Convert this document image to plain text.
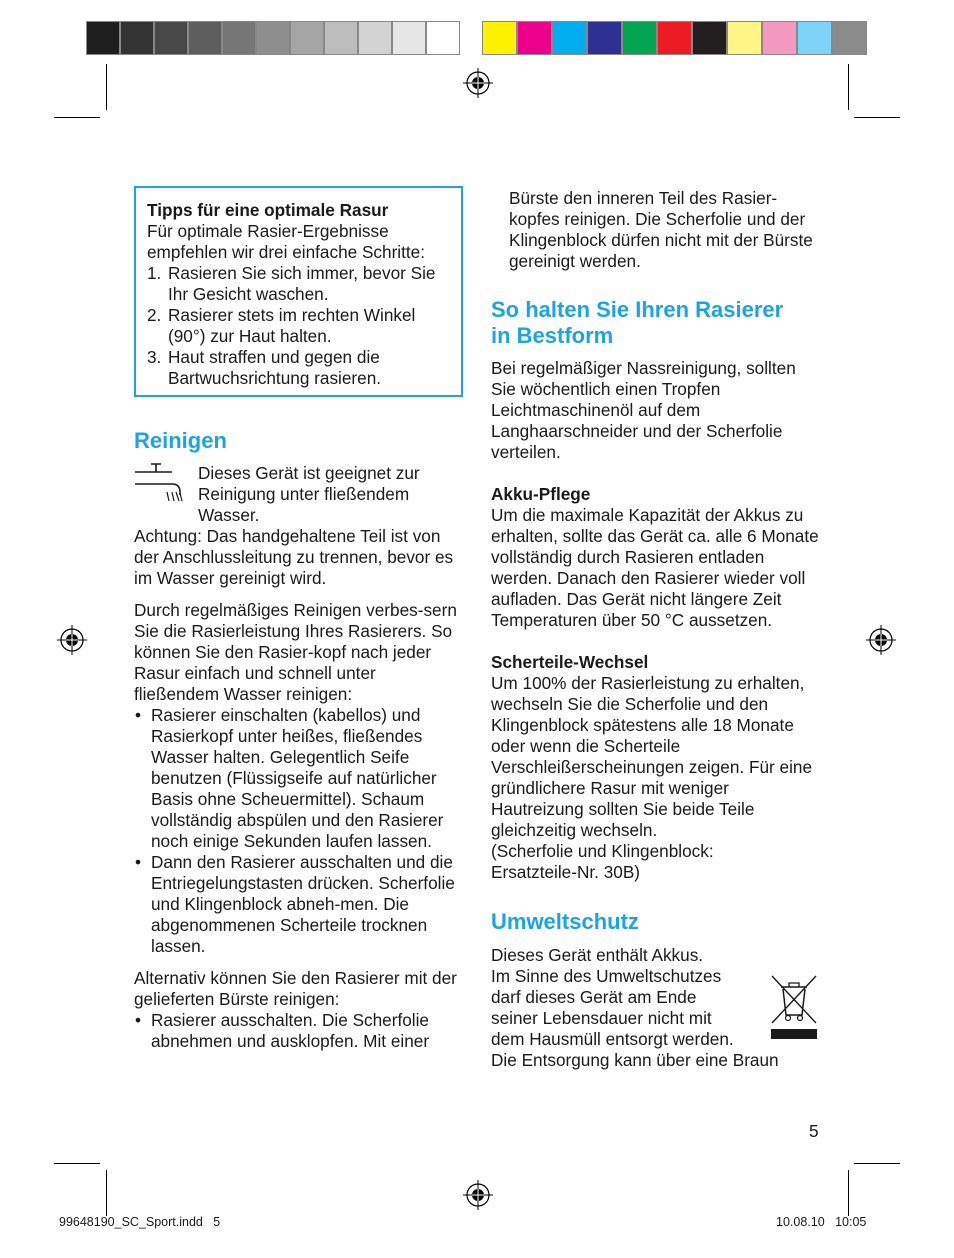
Tipps für eine optimale Rasur

Für optimale Rasier-Ergebnisse empfehlen wir drei einfache Schritte:

1. Rasieren Sie sich immer, bevor Sie Ihr Gesicht waschen.
2. Rasierer stets im rechten Winkel (90°) zur Haut halten.
3. Haut straffen und gegen die Bartwuchsrichtung rasieren.
Reinigen

Dieses Gerät ist geeignet zur Reinigung unter fließendem Wasser.

Achtung: Das handgehaltene Teil ist von der Anschlussleitung zu trennen, bevor es im Wasser gereinigt wird.

Durch regelmäßiges Reinigen verbes-sern Sie die Rasierleistung Ihres Rasierers. So können Sie den Rasier-kopf nach jeder Rasur einfach und schnell unter fließendem Wasser reinigen:

• Rasierer einschalten (kabellos) und Rasierkopf unter heißes, fließendes Wasser halten. Gelegentlich Seife benutzen (Flüssigseife auf natürlicher Basis ohne Scheuermittel). Schaum vollständig abspülen und den Rasierer noch einige Sekunden laufen lassen.
• Dann den Rasierer ausschalten und die Entriegelungstasten drücken. Scherfolie und Klingenblock abneh-men. Die abgenommenen Scherteile trocknen lassen.

Alternativ können Sie den Rasierer mit der gelieferten Bürste reinigen:

• Rasierer ausschalten. Die Scherfolie abnehmen und ausklopfen. Mit einer

Bürste den inneren Teil des Rasier-kopfes reinigen. Die Scherfolie und der Klingenblock dürfen nicht mit der Bürste gereinigt werden.

So halten Sie Ihren Rasierer
in Bestform

Bei regelmäßiger Nassreinigung, sollten Sie wöchentlich einen Tropfen Leichtmaschinenöl auf dem Langhaarschneider und der Scherfolie verteilen.

Akku-Pflege

Um die maximale Kapazität der Akkus zu erhalten, sollte das Gerät ca. alle 6 Monate vollständig durch Rasieren entladen werden. Danach den Rasierer wieder voll aufladen. Das Gerät nicht längere Zeit Temperaturen über 50 °C aussetzen.

Scherteile-Wechsel

Um 100% der Rasierleistung zu erhalten, wechseln Sie die Scherfolie und den Klingenblock spätestens alle 18 Monate oder wenn die Scherteile Verschleißerscheinungen zeigen. Für eine gründlichere Rasur mit weniger Hautreizung sollten Sie beide Teile gleichzeitig wechseln.

(Scherfolie und Klingenblock:

Ersatzteile-Nr. 30B)

Umweltschutz

Dieses Gerät enthält Akkus.

Im Sinne des Umweltschutzes

darf dieses Gerät am Ende

seiner Lebensdauer nicht mit

dem Hausmüll entsorgt werden.

Die Entsorgung kann über eine Braun

5
99648190_SC_Sport.indd   5	10.08.10   10:05
